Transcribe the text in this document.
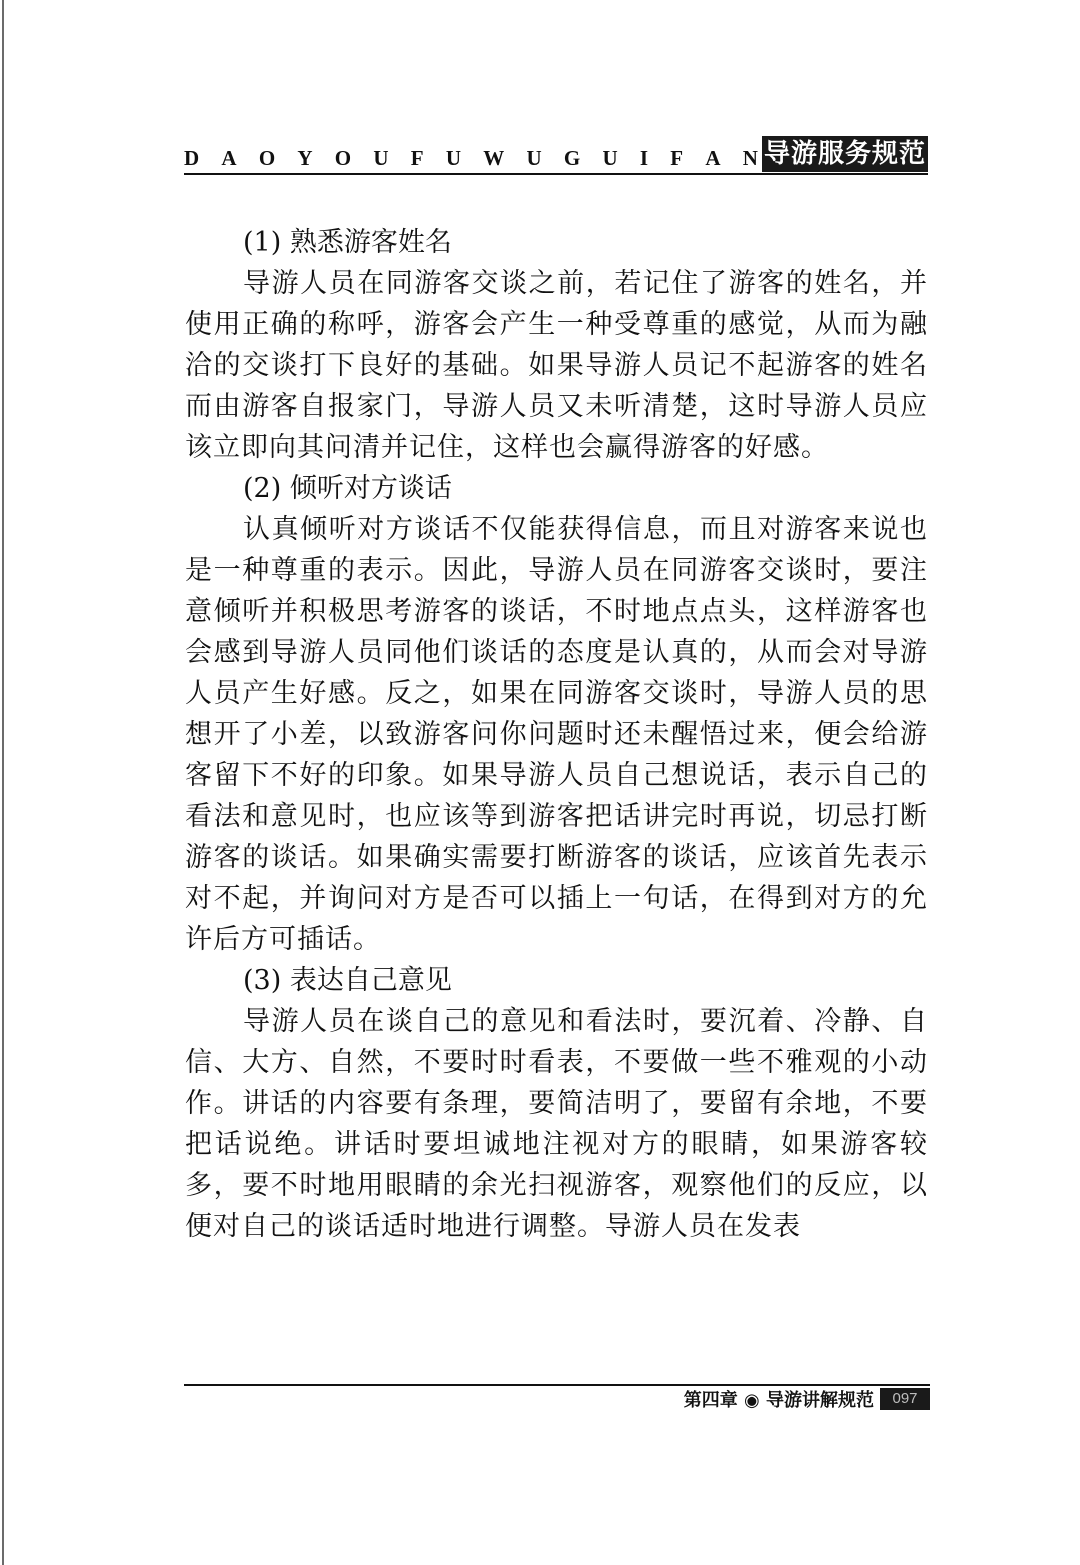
D A O Y O U F U W U G U I F A N 导游服务规范

(1) 熟悉游客姓名

导游人员在同游客交谈之前，若记住了游客的姓名，并使用正确的称呼，游客会产生一种受尊重的感觉，从而为融洽的交谈打下良好的基础。如果导游人员记不起游客的姓名而由游客自报家门，导游人员又未听清楚，这时导游人员应该立即向其问清并记住，这样也会赢得游客的好感。

(2) 倾听对方谈话

认真倾听对方谈话不仅能获得信息，而且对游客来说也是一种尊重的表示。因此，导游人员在同游客交谈时，要注意倾听并积极思考游客的谈话，不时地点点头，这样游客也会感到导游人员同他们谈话的态度是认真的，从而会对导游人员产生好感。反之，如果在同游客交谈时，导游人员的思想开了小差，以致游客问你问题时还未醒悟过来，便会给游客留下不好的印象。如果导游人员自己想说话，表示自己的看法和意见时，也应该等到游客把话讲完时再说，切忌打断游客的谈话。如果确实需要打断游客的谈话，应该首先表示对不起，并询问对方是否可以插上一句话，在得到对方的允许后方可插话。

(3) 表达自己意见

导游人员在谈自己的意见和看法时，要沉着、冷静、自信、大方、自然，不要时时看表，不要做一些不雅观的小动作。讲话的内容要有条理，要简洁明了，要留有余地，不要把话说绝。讲话时要坦诚地注视对方的眼睛，如果游客较多，要不时地用眼睛的余光扫视游客，观察他们的反应，以便对自己的谈话适时地进行调整。导游人员在发表

第四章 ◉ 导游讲解规范	097
